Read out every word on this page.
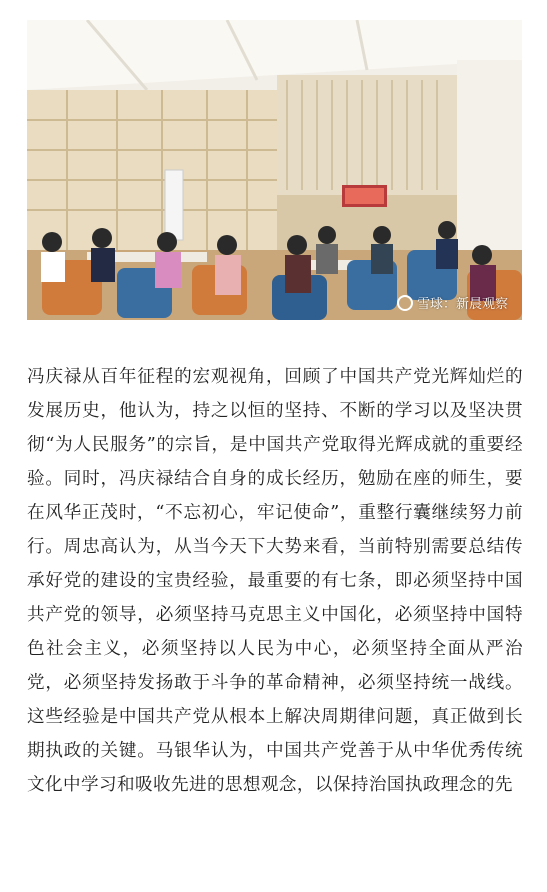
雪球：新晨观察

冯庆禄从百年征程的宏观视角，回顾了中国共产党光辉灿烂的发展历史，他认为，持之以恒的坚持、不断的学习以及坚决贯彻“为人民服务”的宗旨，是中国共产党取得光辉成就的重要经验。同时，冯庆禄结合自身的成长经历，勉励在座的师生，要在风华正茂时，“不忘初心，牢记使命”，重整行囊继续努力前行。周忠高认为，从当今天下大势来看，当前特别需要总结传承好党的建设的宝贵经验，最重要的有七条，即必须坚持中国共产党的领导，必须坚持马克思主义中国化，必须坚持中国特色社会主义，必须坚持以人民为中心，必须坚持全面从严治党，必须坚持发扬敢于斗争的革命精神，必须坚持统一战线。这些经验是中国共产党从根本上解决周期律问题，真正做到长期执政的关键。马银华认为，中国共产党善于从中华优秀传统文化中学习和吸收先进的思想观念，以保持治国执政理念的先
